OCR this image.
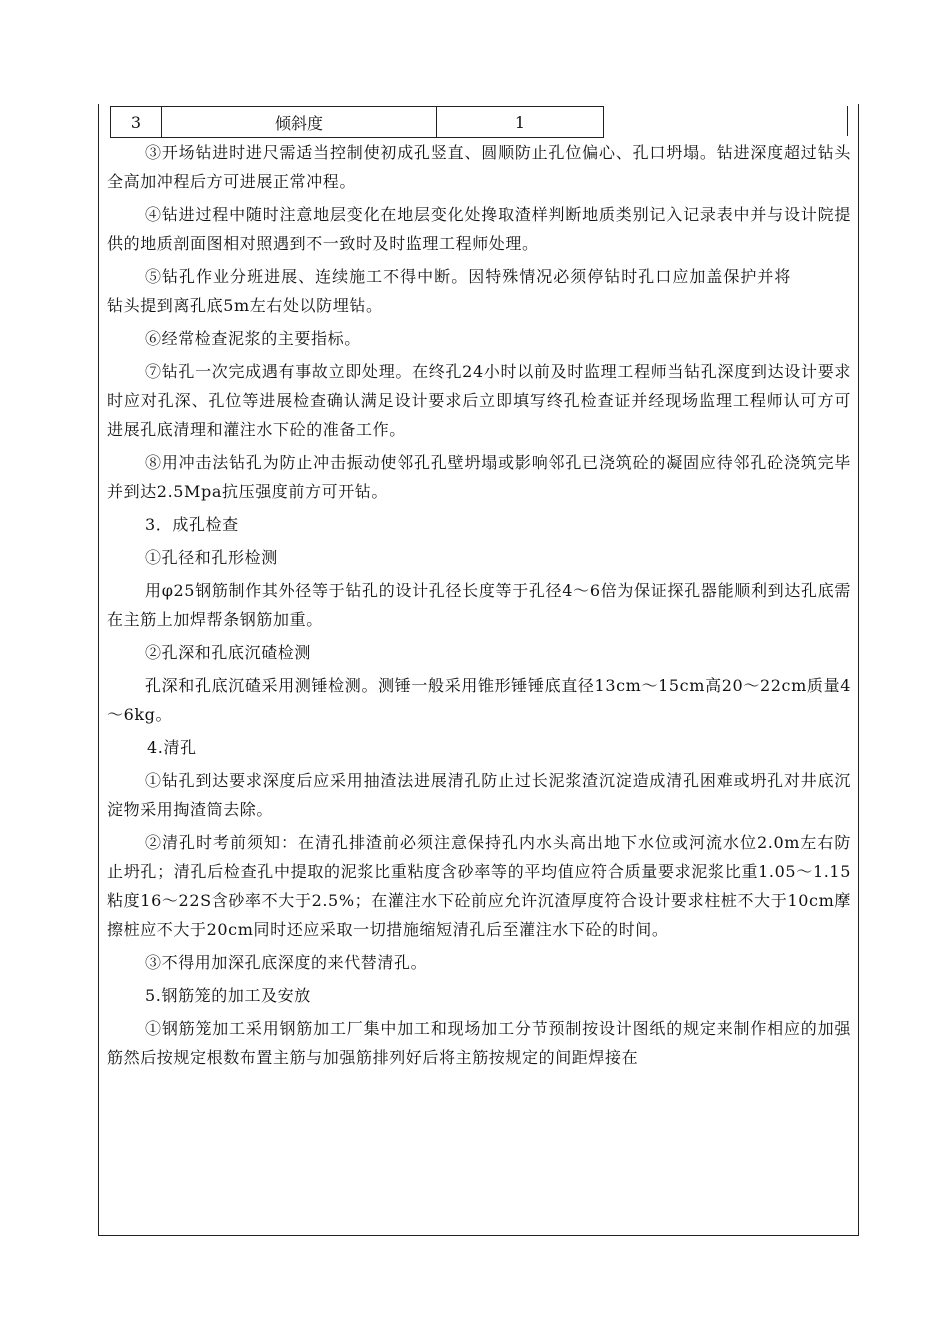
3	倾斜度	1

③开场钻进时进尺需适当控制使初成孔竖直、圆顺防止孔位偏心、孔口坍塌。钻进深度超过钻头全高加冲程后方可进展正常冲程。

④钻进过程中随时注意地层变化在地层变化处搀取渣样判断地质类别记入记录表中并与设计院提供的地质剖面图相对照遇到不一致时及时监理工程师处理。

⑤钻孔作业分班进展、连续施工不得中断。因特殊情况必须停钻时孔口应加盖保护并将钻头提到离孔底5m左右处以防埋钻。

⑥经常检查泥浆的主要指标。

⑦钻孔一次完成遇有事故立即处理。在终孔24小时以前及时监理工程师当钻孔深度到达设计要求时应对孔深、孔位等进展检查确认满足设计要求后立即填写终孔检查证并经现场监理工程师认可方可进展孔底清理和灌注水下砼的准备工作。

⑧用冲击法钻孔为防止冲击振动使邻孔孔壁坍塌或影响邻孔已浇筑砼的凝固应待邻孔砼浇筑完毕并到达2.5Mpa抗压强度前方可开钻。

3．成孔检查

①孔径和孔形检测

用φ25钢筋制作其外径等于钻孔的设计孔径长度等于孔径4～6倍为保证探孔器能顺利到达孔底需在主筋上加焊帮条钢筋加重。

②孔深和孔底沉碴检测

孔深和孔底沉碴采用测锤检测。测锤一般采用锥形锤锤底直径13cm～15cm高20～22cm质量4～6kg。

4.清孔

①钻孔到达要求深度后应采用抽渣法进展清孔防止过长泥浆渣沉淀造成清孔困难或坍孔对井底沉淀物采用掏渣筒去除。

②清孔时考前须知：在清孔排渣前必须注意保持孔内水头高出地下水位或河流水位2.0m左右防止坍孔；清孔后检查孔中提取的泥浆比重粘度含砂率等的平均值应符合质量要求泥浆比重1.05～1.15粘度16～22S含砂率不大于2.5%；在灌注水下砼前应允许沉渣厚度符合设计要求柱桩不大于10cm摩擦桩应不大于20cm同时还应采取一切措施缩短清孔后至灌注水下砼的时间。

③不得用加深孔底深度的来代替清孔。

5.钢筋笼的加工及安放

①钢筋笼加工采用钢筋加工厂集中加工和现场加工分节预制按设计图纸的规定来制作相应的加强筋然后按规定根数布置主筋与加强筋排列好后将主筋按规定的间距焊接在
